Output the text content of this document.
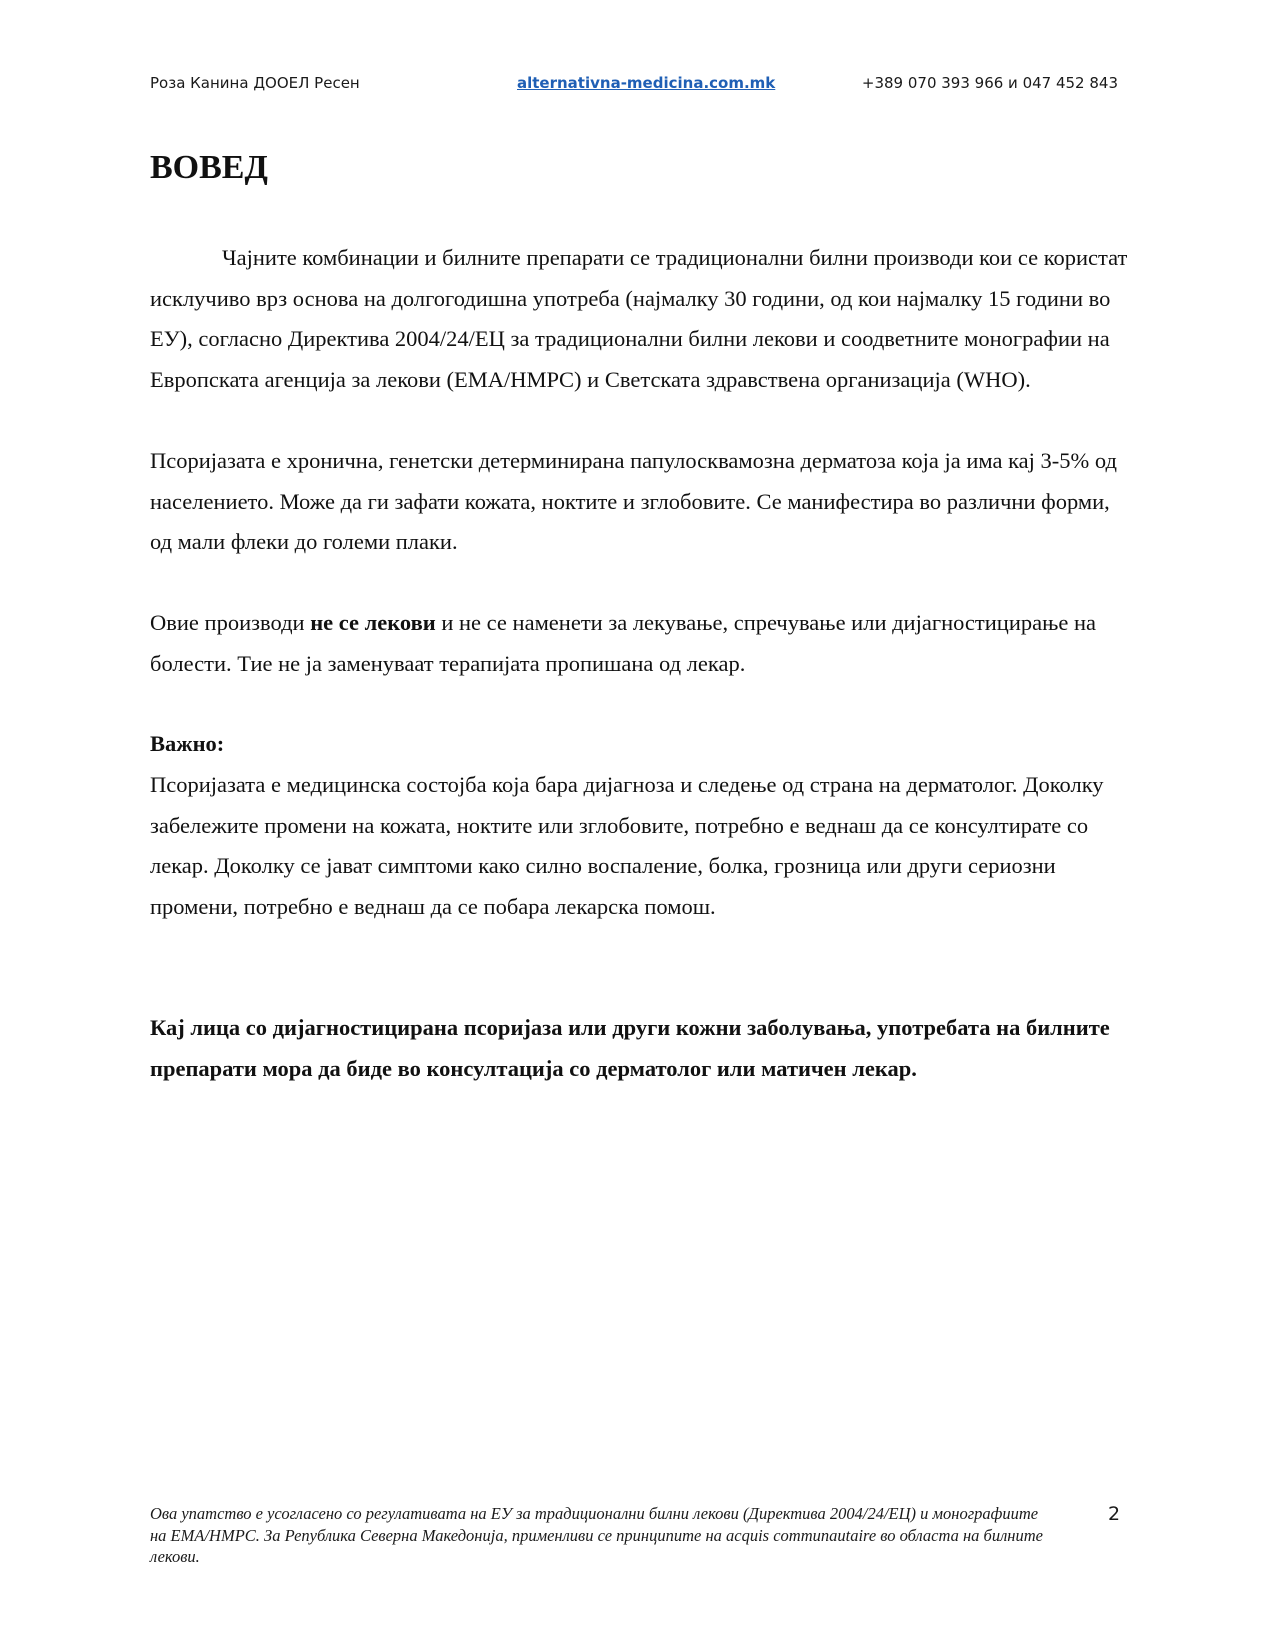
Роза Канина ДООЕЛ Ресен	alternativna-medicina.com.mk	+389 070 393 966 и 047 452 843
ВОВЕД

Чајните комбинации и билните препарати се традиционални билни производи кои се користат исклучиво врз основа на долгогодишна употреба (најмалку 30 години, од кои најмалку 15 години во ЕУ), согласно Директива 2004/24/ЕЦ за традиционални билни лекови и соодветните монографии на Европската агенција за лекови (EMA/HMPC) и Светската здравствена организација (WHO).

Псоријазата е хронична, генетски детерминирана папулосквамозна дерматоза која ја има кај 3-5% од населението. Може да ги зафати кожата, ноктите и зглобовите. Се манифестира во различни форми, од мали флеки до големи плаки.

Овие производи не се лекови и не се наменети за лекување, спречување или дијагностицирање на болести. Тие не ја заменуваат терапијата пропишана од лекар.

Важно:

Псоријазата е медицинска состојба која бара дијагноза и следење од страна на дерматолог. Доколку забележите промени на кожата, ноктите или зглобовите, потребно е веднаш да се консултирате со лекар. Доколку се јават симптоми како силно воспаление, болка, грозница или други сериозни промени, потребно е веднаш да се побара лекарска помош.

Кај лица со дијагностицирана псоријаза или други кожни заболувања, употребата на билните препарати мора да биде во консултација со дерматолог или матичен лекар.

Ова упатство е усогласено со регулативата на ЕУ за традиционални билни лекови (Директива 2004/24/ЕЦ) и монографиите на EMA/HMPC. За Република Северна Македонија, применливи се принципите на acquis communautaire во областа на билните лекови.
2
